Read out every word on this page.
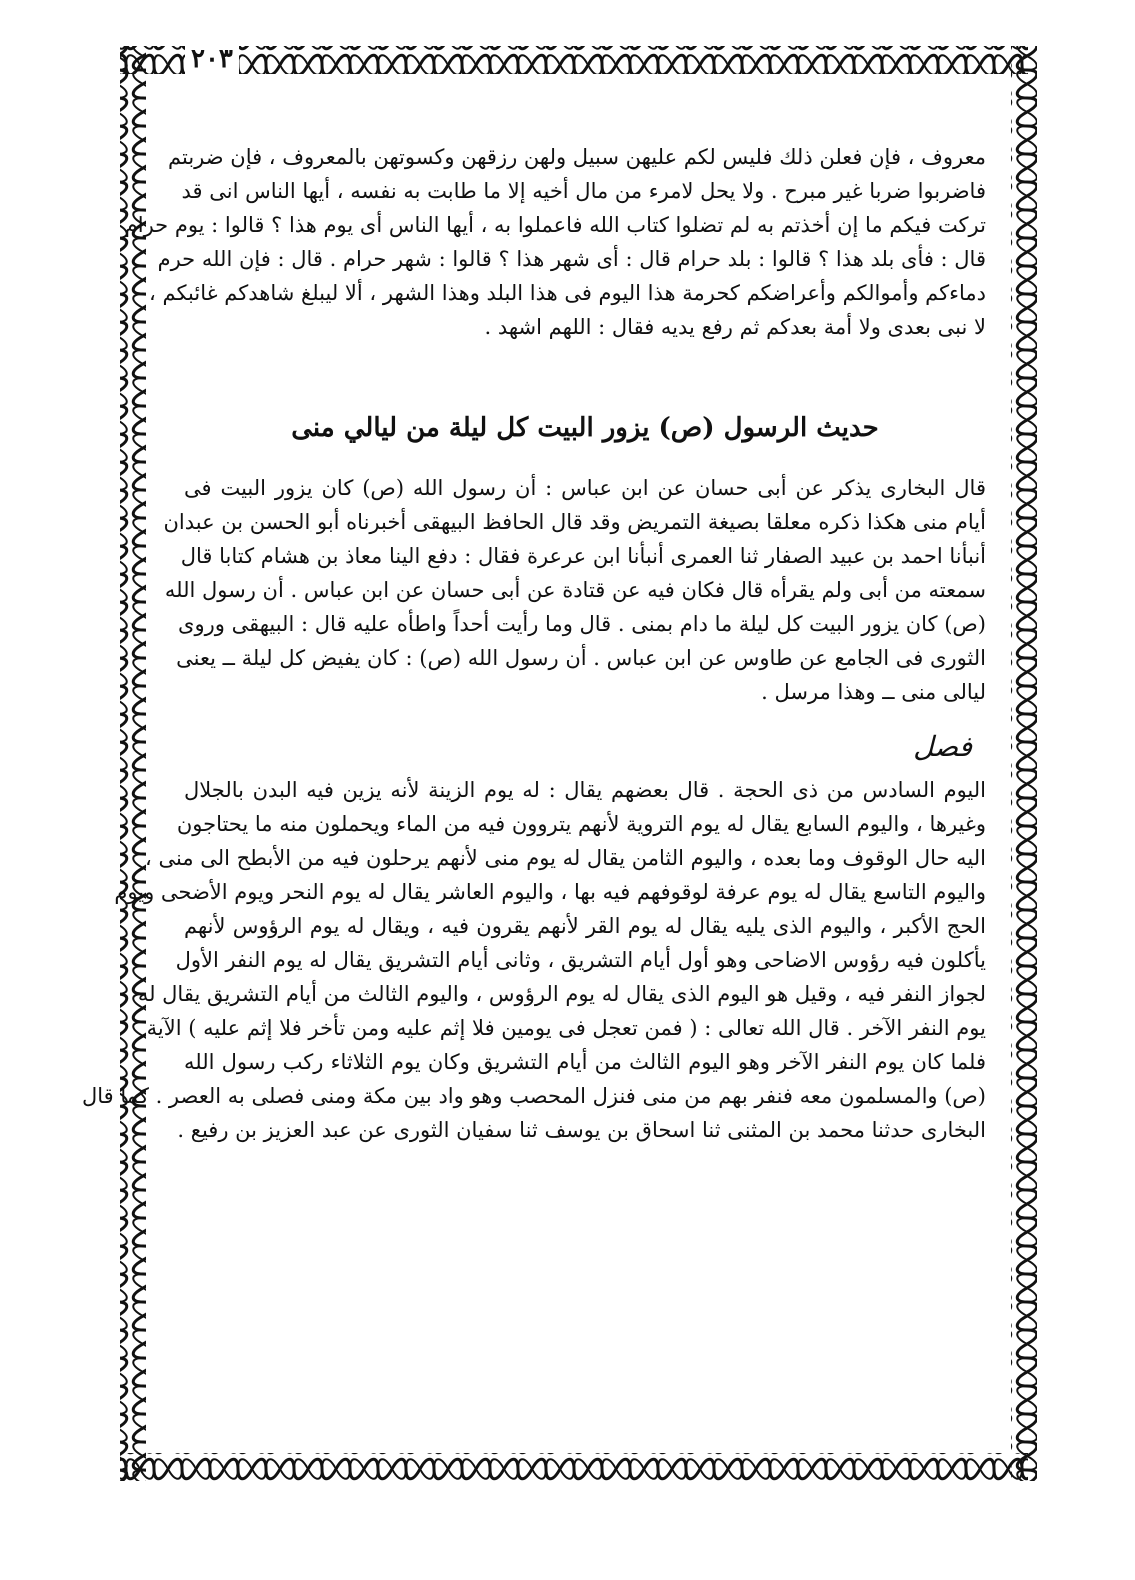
٢٠٣
معروف ، فإن فعلن ذلك فليس لكم عليهن سبيل ولهن رزقهن وكسوتهن بالمعروف ، فإن ضربتم
فاضربوا ضربا غير مبرح . ولا يحل لامرء من مال أخيه إلا ما طابت به نفسه ، أيها الناس انى قد
تركت فيكم ما إن أخذتم به لم تضلوا كتاب الله فاعملوا به ، أيها الناس أى يوم هذا ؟ قالوا : يوم حرام
قال : فأى بلد هذا ؟ قالوا : بلد حرام قال : أى شهر هذا ؟ قالوا : شهر حرام . قال : فإن الله حرم
دماءكم وأموالكم وأعراضكم كحرمة هذا اليوم فى هذا البلد وهذا الشهر ، ألا ليبلغ شاهدكم غائبكم ،
لا نبى بعدى ولا أمة بعدكم ثم رفع يديه فقال : اللهم اشهد .
حديث الرسول (ص) يزور البيت كل ليلة من ليالي منى
قال البخارى يذكر عن أبى حسان عن ابن عباس : أن رسول الله (ص) كان يزور البيت فى
أيام منى هكذا ذكره معلقا بصيغة التمريض وقد قال الحافظ البيهقى أخبرناه أبو الحسن بن عبدان
أنبأنا احمد بن عبيد الصفار ثنا العمرى أنبأنا ابن عرعرة فقال : دفع الينا معاذ بن هشام كتابا قال
سمعته من أبى ولم يقرأه قال فكان فيه عن قتادة عن أبى حسان عن ابن عباس . أن رسول الله
(ص) كان يزور البيت كل ليلة ما دام بمنى . قال وما رأيت أحداً واطأه عليه قال : البيهقى وروى
الثورى فى الجامع عن طاوس عن ابن عباس . أن رسول الله (ص) : كان يفيض كل ليلة ــ يعنى
ليالى منى ــ وهذا مرسل .
فصل
اليوم السادس من ذى الحجة . قال بعضهم يقال : له يوم الزينة لأنه يزين فيه البدن بالجلال
وغيرها ، واليوم السابع يقال له يوم التروية لأنهم يتروون فيه من الماء ويحملون منه ما يحتاجون
اليه حال الوقوف وما بعده ، واليوم الثامن يقال له يوم منى لأنهم يرحلون فيه من الأبطح الى منى ،
واليوم التاسع يقال له يوم عرفة لوقوفهم فيه بها ، واليوم العاشر يقال له يوم النحر ويوم الأضحى ويوم
الحج الأكبر ، واليوم الذى يليه يقال له يوم القر لأنهم يقرون فيه ، ويقال له يوم الرؤوس لأنهم
يأكلون فيه رؤوس الاضاحى وهو أول أيام التشريق ، وثانى أيام التشريق يقال له يوم النفر الأول
لجواز النفر فيه ، وقيل هو اليوم الذى يقال له يوم الرؤوس ، واليوم الثالث من أيام التشريق يقال له
يوم النفر الآخر . قال الله تعالى : ( فمن تعجل فى يومين فلا إثم عليه ومن تأخر فلا إثم عليه ) الآية
فلما كان يوم النفر الآخر وهو اليوم الثالث من أيام التشريق وكان يوم الثلاثاء ركب رسول الله
(ص) والمسلمون معه فنفر بهم من منى فنزل المحصب وهو واد بين مكة ومنى فصلى به العصر . كما قال
البخارى حدثنا محمد بن المثنى ثنا اسحاق بن يوسف ثنا سفيان الثورى عن عبد العزيز بن رفيع .
